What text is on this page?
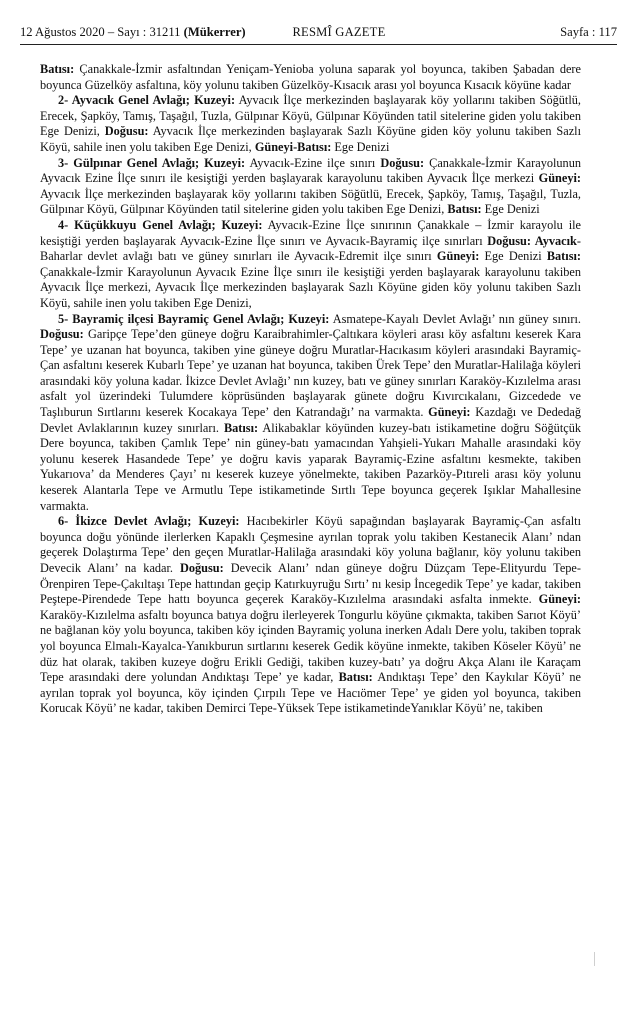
12 Ağustos 2020 – Sayı : 31211 (Mükerrer)	RESMÎ GAZETE	Sayfa : 117

Batısı: Çanakkale-İzmir asfaltından Yeniçam-Yenioba yoluna saparak yol boyunca, takiben Şabadan dere boyunca Güzelköy asfaltına, köy yolunu takiben Güzelköy-Kısacık arası yol boyunca Kısacık köyüne kadar

2- Ayvacık Genel Avlağı; Kuzeyi: Ayvacık İlçe merkezinden başlayarak köy yollarını takiben Söğütlü, Erecek, Şapköy, Tamış, Taşağıl, Tuzla, Gülpınar Köyü, Gülpınar Köyünden tatil sitelerine giden yolu takiben Ege Denizi, Doğusu: Ayvacık İlçe merkezinden başlayarak Sazlı Köyüne giden köy yolunu takiben Sazlı Köyü, sahile inen yolu takiben Ege Denizi, Güneyi-Batısı: Ege Denizi

3- Gülpınar Genel Avlağı; Kuzeyi: Ayvacık-Ezine ilçe sınırı Doğusu: Çanakkale-İzmir Karayolunun Ayvacık Ezine İlçe sınırı ile kesiştiği yerden başlayarak karayolunu takiben Ayvacık İlçe merkezi Güneyi: Ayvacık İlçe merkezinden başlayarak köy yollarını takiben Söğütlü, Erecek, Şapköy, Tamış, Taşağıl, Tuzla, Gülpınar Köyü, Gülpınar Köyünden tatil sitelerine giden yolu takiben Ege Denizi, Batısı: Ege Denizi

4- Küçükkuyu Genel Avlağı; Kuzeyi: Ayvacık-Ezine İlçe sınırının Çanakkale – İzmir karayolu ile kesiştiği yerden başlayarak Ayvacık-Ezine İlçe sınırı ve Ayvacık-Bayramiç ilçe sınırları Doğusu: Ayvacık-Baharlar devlet avlağı batı ve güney sınırları ile Ayvacık-Edremit ilçe sınırı Güneyi: Ege Denizi Batısı: Çanakkale-İzmir Karayolunun Ayvacık Ezine İlçe sınırı ile kesiştiği yerden başlayarak karayolunu takiben Ayvacık İlçe merkezi, Ayvacık İlçe merkezinden başlayarak Sazlı Köyüne giden köy yolunu takiben Sazlı Köyü, sahile inen yolu takiben Ege Denizi,

5- Bayramiç ilçesi Bayramiç Genel Avlağı; Kuzeyi: Asmatepe-Kayalı Devlet Avlağı’ nın güney sınırı. Doğusu: Garipçe Tepe’den güneye doğru Karaibrahimler-Çaltıkara köyleri arası köy asfaltını keserek Kara Tepe’ ye uzanan hat boyunca, takiben yine güneye doğru Muratlar-Hacıkasım köyleri arasındaki Bayramiç-Çan asfaltını keserek Kubarlı Tepe’ ye uzanan hat boyunca, takiben Ürek Tepe’ den Muratlar-Halilağa köyleri arasındaki köy yoluna kadar. İkizce Devlet Avlağı’ nın kuzey, batı ve güney sınırları Karaköy-Kızılelma arası asfalt yol üzerindeki Tulumdere köprüsünden başlayarak günete doğru Kıvırcıkalanı, Gizcedede ve Taşlıburun Sırtlarını keserek Kocakaya Tepe’ den Katrandağı’ na varmakta. Güneyi: Kazdağı ve Dededağ Devlet Avlaklarının kuzey sınırları. Batısı: Alikabaklar köyünden kuzey-batı istikametine doğru Söğütçük Dere boyunca, takiben Çamlık Tepe’ nin güney-batı yamacından Yahşieli-Yukarı Mahalle arasındaki köy yolunu keserek Hasandede Tepe’ ye doğru kavis yaparak Bayramiç-Ezine asfaltını kesmekte, takiben Yukarıova’ da Menderes Çayı’ nı keserek kuzeye yönelmekte, takiben Pazarköy-Pıtıreli arası köy yolunu keserek Alantarla Tepe ve Armutlu Tepe istikametinde Sırtlı Tepe boyunca geçerek Işıklar Mahallesine varmakta.

6- İkizce Devlet Avlağı; Kuzeyi: Hacıbekirler Köyü sapağından başlayarak Bayramiç-Çan asfaltı boyunca doğu yönünde ilerlerken Kapaklı Çeşmesine ayrılan toprak yolu takiben Kestanecik Alanı’ ndan geçerek Dolaştırma Tepe’ den geçen Muratlar-Halilağa arasındaki köy yoluna bağlanır, köy yolunu takiben Devecik Alanı’ na kadar. Doğusu: Devecik Alanı’ ndan güneye doğru Düzçam Tepe-Elityurdu Tepe-Örenpiren Tepe-Çakıltaşı Tepe hattından geçip Katırkuyruğu Sırtı’ nı kesip İncegedik Tepe’ ye kadar, takiben Peştepe-Pirendede Tepe hattı boyunca geçerek Karaköy-Kızılelma arasındaki asfalta inmekte. Güneyi: Karaköy-Kızılelma asfaltı boyunca batıya doğru ilerleyerek Tongurlu köyüne çıkmakta, takiben Sarıot Köyü’ ne bağlanan köy yolu boyunca, takiben köy içinden Bayramiç yoluna inerken Adalı Dere yolu, takiben toprak yol boyunca Elmalı-Kayalca-Yanıkburun sırtlarını keserek Gedik köyüne inmekte, takiben Köseler Köyü’ ne düz hat olarak, takiben kuzeye doğru Erikli Gediği, takiben kuzey-batı’ ya doğru Akça Alanı ile Karaçam Tepe arasındaki dere yolundan Andıktaşı Tepe’ ye kadar, Batısı: Andıktaşı Tepe’ den Kaykılar Köyü’ ne ayrılan toprak yol boyunca, köy içinden Çırpılı Tepe ve Hacıömer Tepe’ ye giden yol boyunca, takiben Korucak Köyü’ ne kadar, takiben Demirci Tepe-Yüksek Tepe istikametindeYanıklar Köyü’ ne, takiben
